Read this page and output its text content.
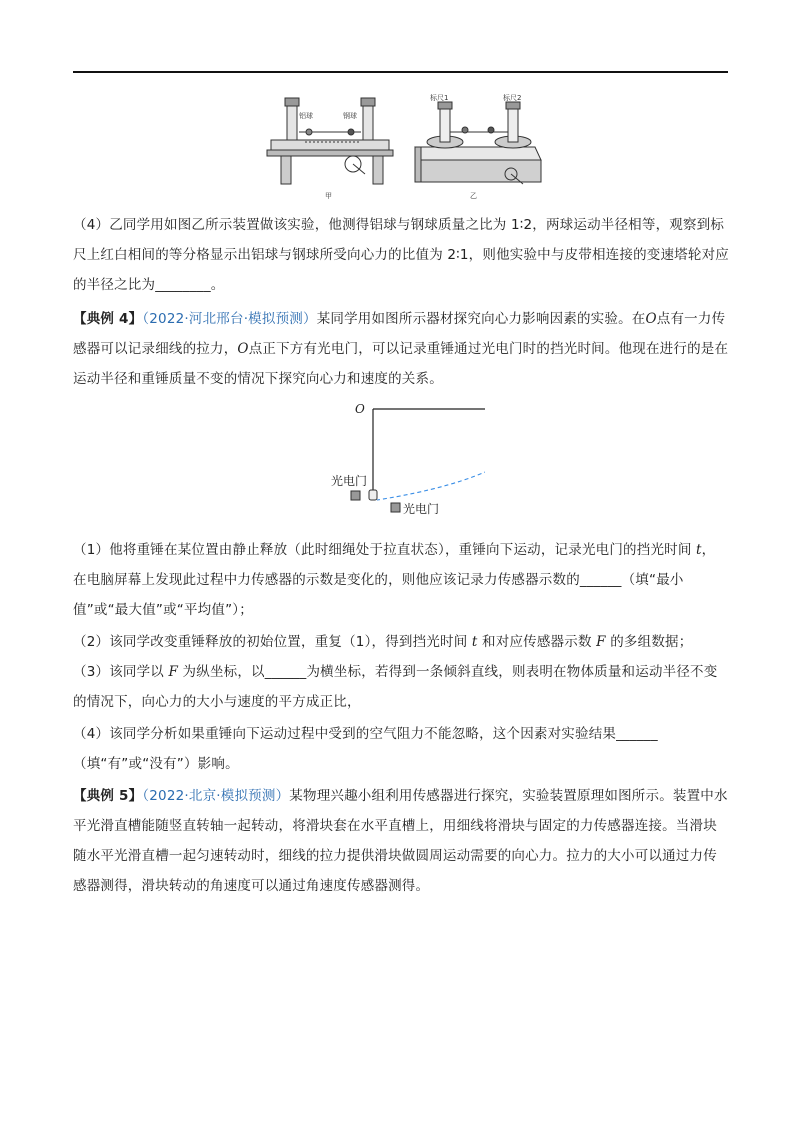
铝球	钢球
甲
标尺1	标尺2
乙
（4）乙同学用如图乙所示装置做该实验，他测得铝球与钢球质量之比为 1∶2，两球运动半径相等，观察到标尺上红白相间的等分格显示出铝球与钢球所受向心力的比值为 2∶1，则他实验中与皮带相连接的变速塔轮对应的半径之比为________。
【典例 4】（2022·河北邢台·模拟预测）某同学用如图所示器材探究向心力影响因素的实验。在O点有一力传感器可以记录细线的拉力，O点正下方有光电门，可以记录重锤通过光电门时的挡光时间。他现在进行的是在运动半径和重锤质量不变的情况下探究向心力和速度的关系。
O
光电门
光电门
（1）他将重锤在某位置由静止释放（此时细绳处于拉直状态），重锤向下运动，记录光电门的挡光时间 t，在电脑屏幕上发现此过程中力传感器的示数是变化的，则他应该记录力传感器示数的______（填“最小值”或“最大值”或“平均值”）；
（2）该同学改变重锤释放的初始位置，重复（1），得到挡光时间 t 和对应传感器示数 F 的多组数据；
（3）该同学以 F 为纵坐标，以______为横坐标，若得到一条倾斜直线，则表明在物体质量和运动半径不变的情况下，向心力的大小与速度的平方成正比，
（4）该同学分析如果重锤向下运动过程中受到的空气阻力不能忽略，这个因素对实验结果______（填“有”或“没有”）影响。
【典例 5】（2022·北京·模拟预测）某物理兴趣小组利用传感器进行探究，实验装置原理如图所示。装置中水平光滑直槽能随竖直转轴一起转动，将滑块套在水平直槽上，用细线将滑块与固定的力传感器连接。当滑块随水平光滑直槽一起匀速转动时，细线的拉力提供滑块做圆周运动需要的向心力。拉力的大小可以通过力传感器测得，滑块转动的角速度可以通过角速度传感器测得。
